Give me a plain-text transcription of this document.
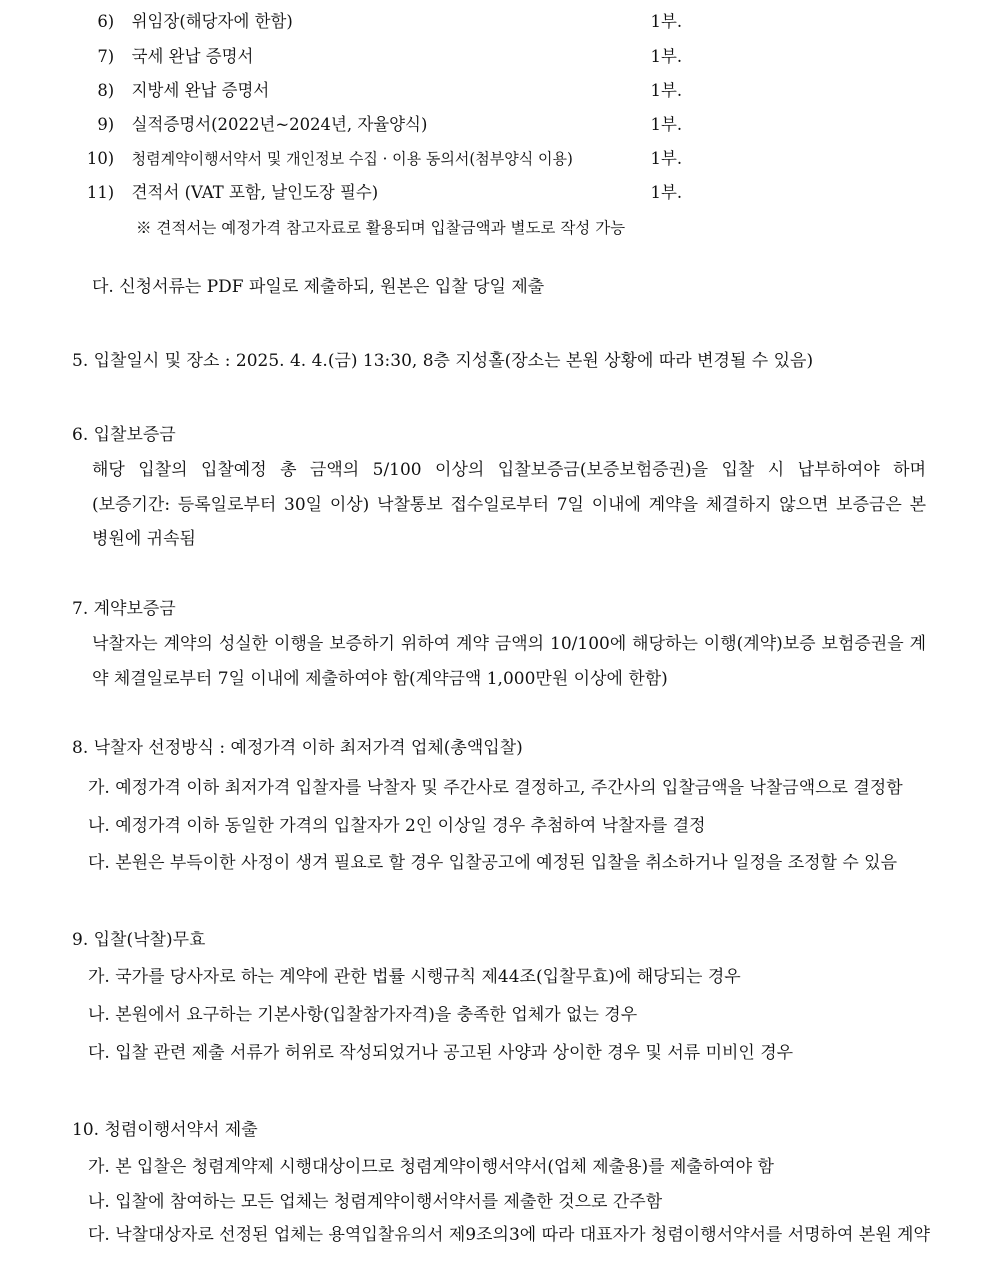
6) 위임장(해당자에 한함)	1부.
7) 국세 완납 증명서	1부.
8) 지방세 완납 증명서	1부.
9) 실적증명서(2022년~2024년, 자율양식)	1부.
10) 청렴계약이행서약서 및 개인정보 수집 · 이용 동의서(첨부양식 이용)	1부.
11) 견적서 (VAT 포함, 날인도장 필수)	1부.
※ 견적서는 예정가격 참고자료로 활용되며 입찰금액과 별도로 작성 가능
다. 신청서류는 PDF 파일로 제출하되, 원본은 입찰 당일 제출
5. 입찰일시 및 장소 : 2025. 4. 4.(금) 13:30, 8층 지성홀(장소는 본원 상황에 따라 변경될 수 있음)
6. 입찰보증금
해당 입찰의 입찰예정 총 금액의 5/100 이상의 입찰보증금(보증보험증권)을 입찰 시 납부하여야 하며
(보증기간: 등록일로부터 30일 이상) 낙찰통보 접수일로부터 7일 이내에 계약을 체결하지 않으면 보증금은 본
병원에 귀속됨
7. 계약보증금
낙찰자는 계약의 성실한 이행을 보증하기 위하여 계약 금액의 10/100에 해당하는 이행(계약)보증 보험증권을 계
약 체결일로부터 7일 이내에 제출하여야 함(계약금액 1,000만원 이상에 한함)
8. 낙찰자 선정방식 : 예정가격 이하 최저가격 업체(총액입찰)
가. 예정가격 이하 최저가격 입찰자를 낙찰자 및 주간사로 결정하고, 주간사의 입찰금액을 낙찰금액으로 결정함
나. 예정가격 이하 동일한 가격의 입찰자가 2인 이상일 경우 추첨하여 낙찰자를 결정
다. 본원은 부득이한 사정이 생겨 필요로 할 경우 입찰공고에 예정된 입찰을 취소하거나 일정을 조정할 수 있음
9. 입찰(낙찰)무효
가. 국가를 당사자로 하는 계약에 관한 법률 시행규칙 제44조(입찰무효)에 해당되는 경우
나. 본원에서 요구하는 기본사항(입찰참가자격)을 충족한 업체가 없는 경우
다. 입찰 관련 제출 서류가 허위로 작성되었거나 공고된 사양과 상이한 경우 및 서류 미비인 경우
10. 청렴이행서약서 제출
가. 본 입찰은 청렴계약제 시행대상이므로 청렴계약이행서약서(업체 제출용)를 제출하여야 함
나. 입찰에 참여하는 모든 업체는 청렴계약이행서약서를 제출한 것으로 간주함
다. 낙찰대상자로 선정된 업체는 용역입찰유의서 제9조의3에 따라 대표자가 청렴이행서약서를 서명하여 본원 계약
